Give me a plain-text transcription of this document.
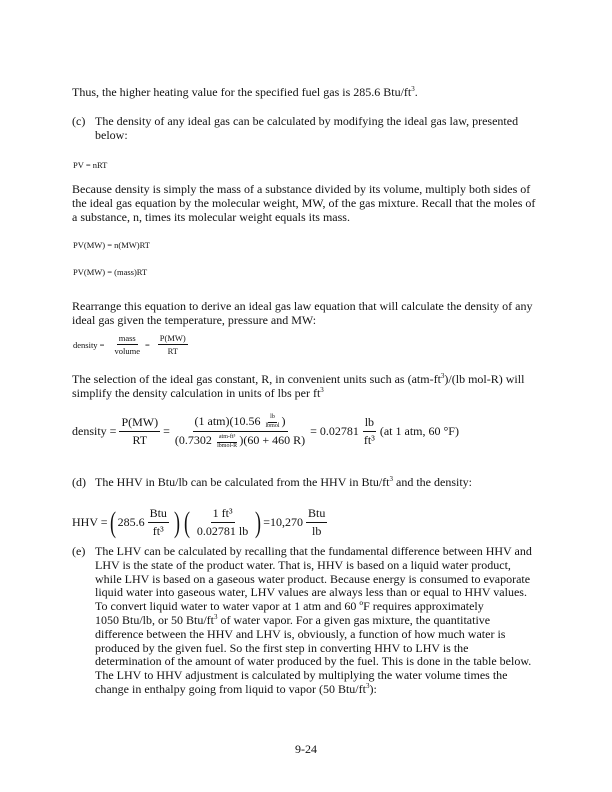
Thus, the higher heating value for the specified fuel gas is 285.6 Btu/$ft^3$.
(c) The density of any ideal gas can be calculated by modifying the ideal gas law, presented
below:
PV = nRT
Because density is simply the mass of a substance divided by its volume, multiply both sides of
the ideal gas equation by the molecular weight, MW, of the gas mixture. Recall that the moles of
a substance, n, times its molecular weight equals its mass.
PV(MW) = n(MW)RT
PV(MW) = (mass)RT
Rearrange this equation to derive an ideal gas law equation that will calculate the density of any
ideal gas given the temperature, pressure and MW:
density = $\frac{\text{mass}}{\text{volume}} = \frac{P(MW)}{RT}$
The selection of the ideal gas constant, R, in convenient units such as $(atm-ft^3)/(lb$ mol-R) will
simplify the density calculation in units of lbs per $ft^3$
density = $\frac{P(MW)}{RT} = (1$ atm)(10.56	lb
lbmol )
(0.7302 atm-ft³
lbmol-R )(60 + 460 $R) = 0.02781 \frac{lb}{\text{ft³}} (at$ 1 atm, 60 °F)
(d) The HHV in Btu/lb can be calculated from the HHV in Btu/$ft^3$ and the density:
HHV = ( $285.6 \frac{\text{Btu}}{\text{ft³}}$ ) ( $\frac{\text{1 ft³}}{0.02781 lb}$ ) $=10,270 \frac{\text{Btu}}{lb}$
(e) The LHV can be calculated by recalling that the fundamental difference between HHV and
LHV is the state of the product water. That is, HHV is based on a liquid water product,
while LHV is based on a gaseous water product. Because energy is consumed to evaporate
liquid water into gaseous water, LHV values are always less than or equal to HHV values.
To convert liquid water to water vapor at 1 atm and 60 ºF requires approximately
1050 Btu/lb, or 50 Btu/$ft^3$ of water vapor. For a given gas mixture, the quantitative
difference between the HHV and LHV is, obviously, a function of how much water is
produced by the given fuel. So the first step in converting HHV to LHV is the
determination of the amount of water produced by the fuel. This is done in the table below.
The LHV to HHV adjustment is calculated by multiplying the water volume times the
change in enthalpy going from liquid to vapor (50 Btu/$ft^3$):
9-24
